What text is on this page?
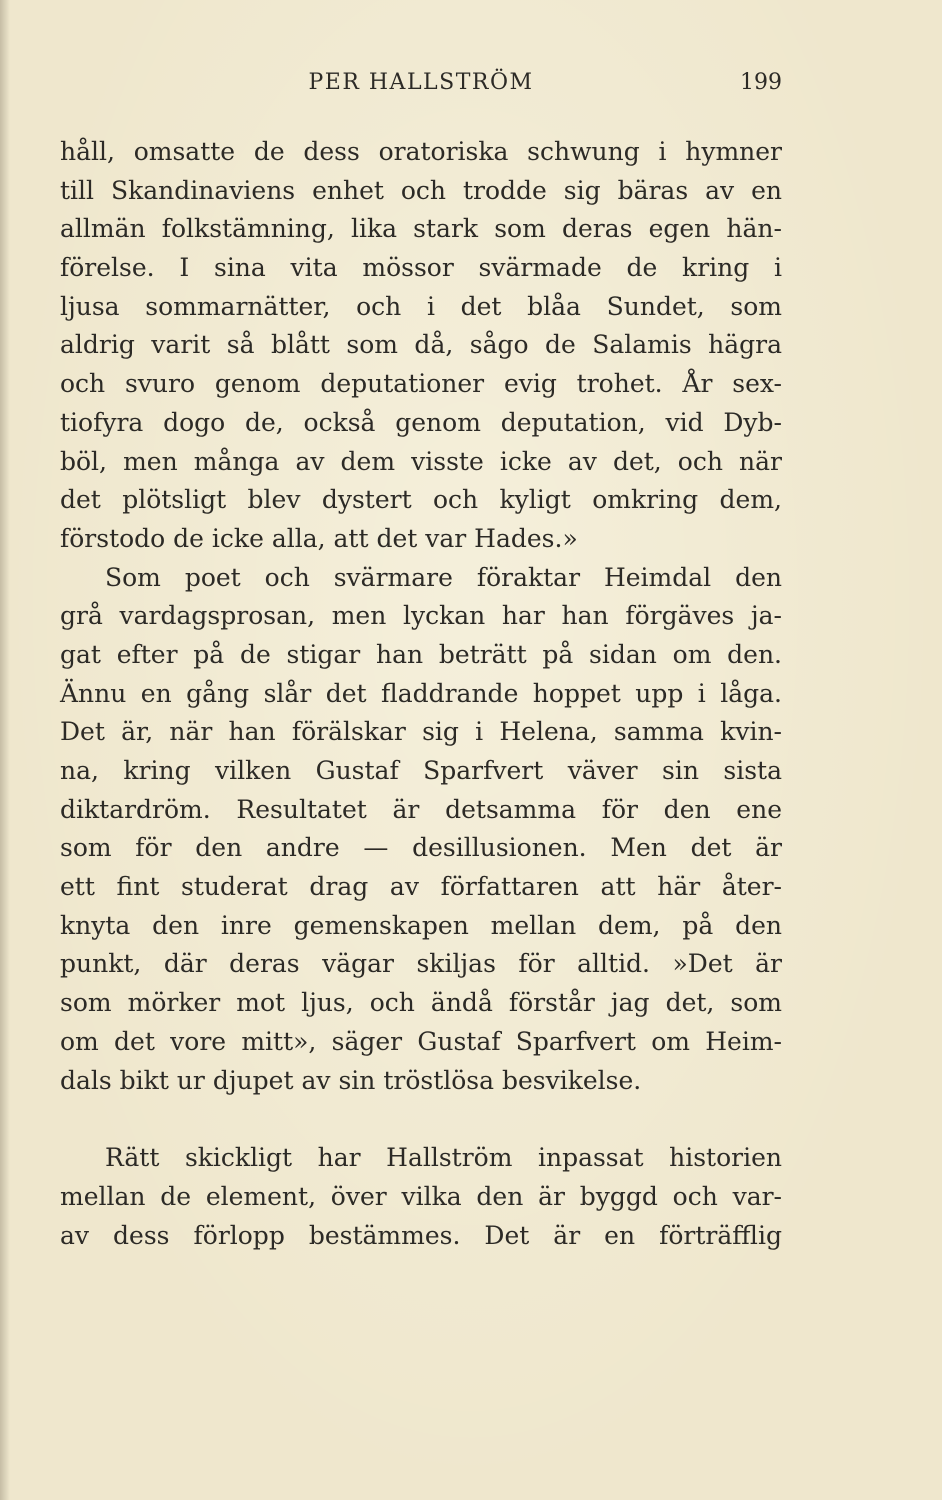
PER HALLSTRÖM	199
håll, omsatte de dess oratoriska schwung i hymner
till Skandinaviens enhet och trodde sig bäras av en
allmän folkstämning, lika stark som deras egen hän-
förelse. I sina vita mössor svärmade de kring i
ljusa sommarnätter, och i det blåa Sundet, som
aldrig varit så blått som då, sågo de Salamis hägra
och svuro genom deputationer evig trohet. År sex-
tiofyra dogo de, också genom deputation, vid Dyb-
böl, men många av dem visste icke av det, och när
det plötsligt blev dystert och kyligt omkring dem,
förstodo de icke alla, att det var Hades.»
Som poet och svärmare föraktar Heimdal den
grå vardagsprosan, men lyckan har han förgäves ja-
gat efter på de stigar han beträtt på sidan om den.
Ännu en gång slår det fladdrande hoppet upp i låga.
Det är, när han förälskar sig i Helena, samma kvin-
na, kring vilken Gustaf Sparfvert väver sin sista
diktardröm. Resultatet är detsamma för den ene
som för den andre — desillusionen. Men det är
ett fint studerat drag av författaren att här åter-
knyta den inre gemenskapen mellan dem, på den
punkt, där deras vägar skiljas för alltid. »Det är
som mörker mot ljus, och ändå förstår jag det, som
om det vore mitt», säger Gustaf Sparfvert om Heim-
dals bikt ur djupet av sin tröstlösa besvikelse.
Rätt skickligt har Hallström inpassat historien
mellan de element, över vilka den är byggd och var-
av dess förlopp bestämmes. Det är en förträfflig
